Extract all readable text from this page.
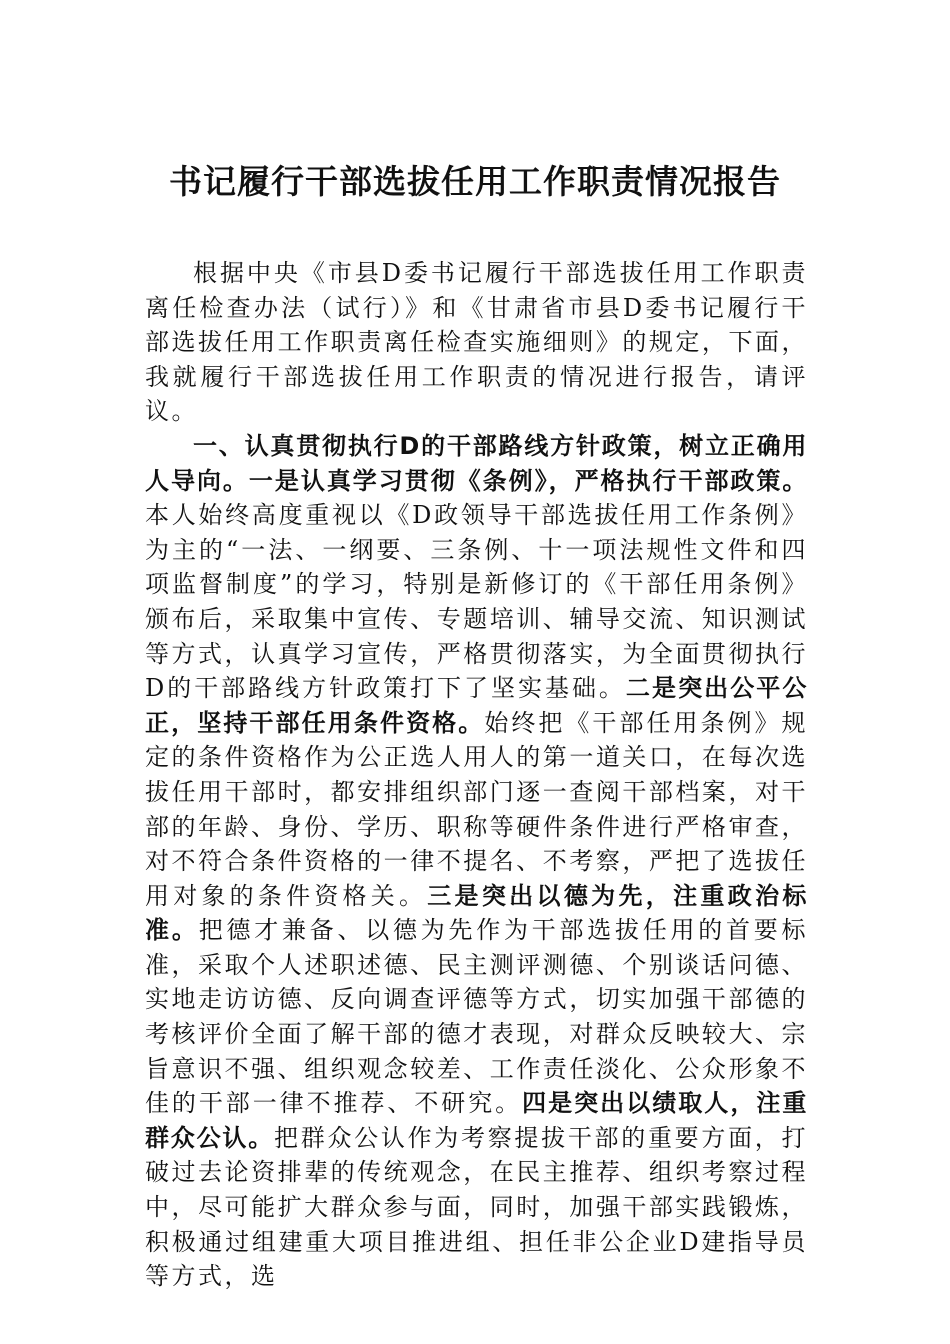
书记履行干部选拔任用工作职责情况报告

根据中央《市县D委书记履行干部选拔任用工作职责离任检查办法（试行）》和《甘肃省市县D委书记履行干部选拔任用工作职责离任检查实施细则》的规定，下面，我就履行干部选拔任用工作职责的情况进行报告，请评议。

一、认真贯彻执行D的干部路线方针政策，树立正确用人导向。一是认真学习贯彻《条例》，严格执行干部政策。本人始终高度重视以《D政领导干部选拔任用工作条例》为主的“一法、一纲要、三条例、十一项法规性文件和四项监督制度”的学习，特别是新修订的《干部任用条例》颁布后，采取集中宣传、专题培训、辅导交流、知识测试等方式，认真学习宣传，严格贯彻落实，为全面贯彻执行D的干部路线方针政策打下了坚实基础。二是突出公平公正，坚持干部任用条件资格。始终把《干部任用条例》规定的条件资格作为公正选人用人的第一道关口，在每次选拔任用干部时，都安排组织部门逐一查阅干部档案，对干部的年龄、身份、学历、职称等硬件条件进行严格审查，对不符合条件资格的一律不提名、不考察，严把了选拔任用对象的条件资格关。三是突出以德为先，注重政治标准。把德才兼备、以德为先作为干部选拔任用的首要标准，采取个人述职述德、民主测评测德、个别谈话问德、实地走访访德、反向调查评德等方式，切实加强干部德的考核评价全面了解干部的德才表现，对群众反映较大、宗旨意识不强、组织观念较差、工作责任淡化、公众形象不佳的干部一律不推荐、不研究。四是突出以绩取人，注重群众公认。把群众公认作为考察提拔干部的重要方面，打破过去论资排辈的传统观念，在民主推荐、组织考察过程中，尽可能扩大群众参与面，同时，加强干部实践锻炼，积极通过组建重大项目推进组、担任非公企业D建指导员等方式，选
